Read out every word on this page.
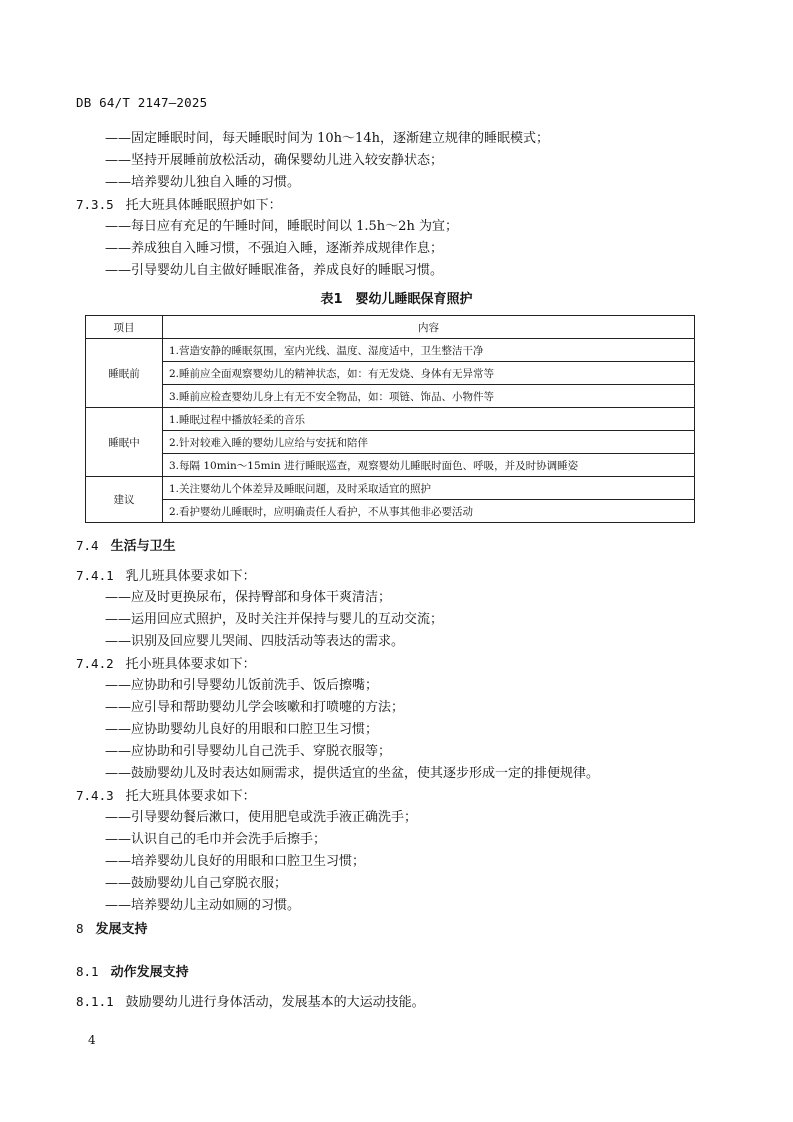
DB 64/T 2147—2025
——固定睡眠时间，每天睡眠时间为 10h～14h，逐渐建立规律的睡眠模式；
——坚持开展睡前放松活动，确保婴幼儿进入较安静状态；
——培养婴幼儿独自入睡的习惯。
7.3.5 托大班具体睡眠照护如下：
——每日应有充足的午睡时间，睡眠时间以 1.5h～2h 为宜；
——养成独自入睡习惯，不强迫入睡，逐渐养成规律作息；
——引导婴幼儿自主做好睡眠准备，养成良好的睡眠习惯。
表1　婴幼儿睡眠保育照护
项目	内容
睡眠前	1.营造安静的睡眠氛围，室内光线、温度、湿度适中，卫生整洁干净
	2.睡前应全面观察婴幼儿的精神状态，如：有无发烧、身体有无异常等
	3.睡前应检查婴幼儿身上有无不安全物品，如：项链、饰品、小物件等
睡眠中	1.睡眠过程中播放轻柔的音乐
	2.针对较难入睡的婴幼儿应给与安抚和陪伴
	3.每隔 10min～15min 进行睡眠巡查，观察婴幼儿睡眠时面色、呼吸，并及时协调睡姿
建议	1.关注婴幼儿个体差异及睡眠问题，及时采取适宜的照护
	2.看护婴幼儿睡眠时，应明确责任人看护，不从事其他非必要活动
7.4 生活与卫生
7.4.1 乳儿班具体要求如下：
——应及时更换尿布，保持臀部和身体干爽清洁；
——运用回应式照护，及时关注并保持与婴儿的互动交流；
——识别及回应婴儿哭闹、四肢活动等表达的需求。
7.4.2 托小班具体要求如下：
——应协助和引导婴幼儿饭前洗手、饭后擦嘴；
——应引导和帮助婴幼儿学会咳嗽和打喷嚏的方法；
——应协助婴幼儿良好的用眼和口腔卫生习惯；
——应协助和引导婴幼儿自己洗手、穿脱衣服等；
——鼓励婴幼儿及时表达如厕需求，提供适宜的坐盆，使其逐步形成一定的排便规律。
7.4.3 托大班具体要求如下：
——引导婴幼餐后漱口，使用肥皂或洗手液正确洗手；
——认识自己的毛巾并会洗手后擦手；
——培养婴幼儿良好的用眼和口腔卫生习惯；
——鼓励婴幼儿自己穿脱衣服；
——培养婴幼儿主动如厕的习惯。
8 发展支持
8.1 动作发展支持
8.1.1 鼓励婴幼儿进行身体活动，发展基本的大运动技能。
4
